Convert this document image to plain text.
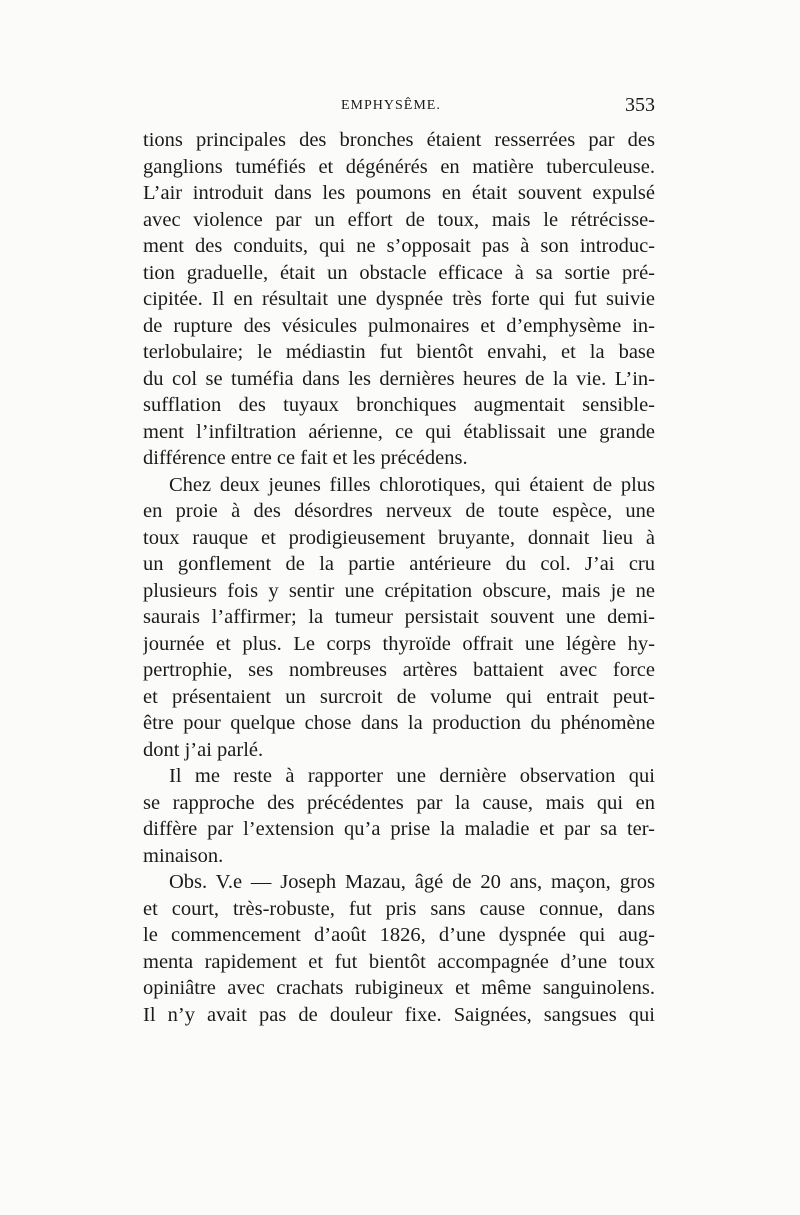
EMPHYSÊME.	353
tions principales des bronches étaient resserrées par des
ganglions tuméfiés et dégénérés en matière tuberculeuse.
L’air introduit dans les poumons en était souvent expulsé
avec violence par un effort de toux, mais le rétrécisse-
ment des conduits, qui ne s’opposait pas à son introduc-
tion graduelle, était un obstacle efficace à sa sortie pré-
cipitée. Il en résultait une dyspnée très forte qui fut suivie
de rupture des vésicules pulmonaires et d’emphysème in-
terlobulaire; le médiastin fut bientôt envahi, et la base
du col se tuméfia dans les dernières heures de la vie. L’in-
sufflation des tuyaux bronchiques augmentait sensible-
ment l’infiltration aérienne, ce qui établissait une grande
différence entre ce fait et les précédens.
Chez deux jeunes filles chlorotiques, qui étaient de plus
en proie à des désordres nerveux de toute espèce, une
toux rauque et prodigieusement bruyante, donnait lieu à
un gonflement de la partie antérieure du col. J’ai cru
plusieurs fois y sentir une crépitation obscure, mais je ne
saurais l’affirmer; la tumeur persistait souvent une demi-
journée et plus. Le corps thyroïde offrait une légère hy-
pertrophie, ses nombreuses artères battaient avec force
et présentaient un surcroit de volume qui entrait peut-
être pour quelque chose dans la production du phénomène
dont j’ai parlé.
Il me reste à rapporter une dernière observation qui
se rapproche des précédentes par la cause, mais qui en
diffère par l’extension qu’a prise la maladie et par sa ter-
minaison.
Obs. V.e — Joseph Mazau, âgé de 20 ans, maçon, gros
et court, très-robuste, fut pris sans cause connue, dans
le commencement d’août 1826, d’une dyspnée qui aug-
menta rapidement et fut bientôt accompagnée d’une toux
opiniâtre avec crachats rubigineux et même sanguinolens.
Il n’y avait pas de douleur fixe. Saignées, sangsues qui
